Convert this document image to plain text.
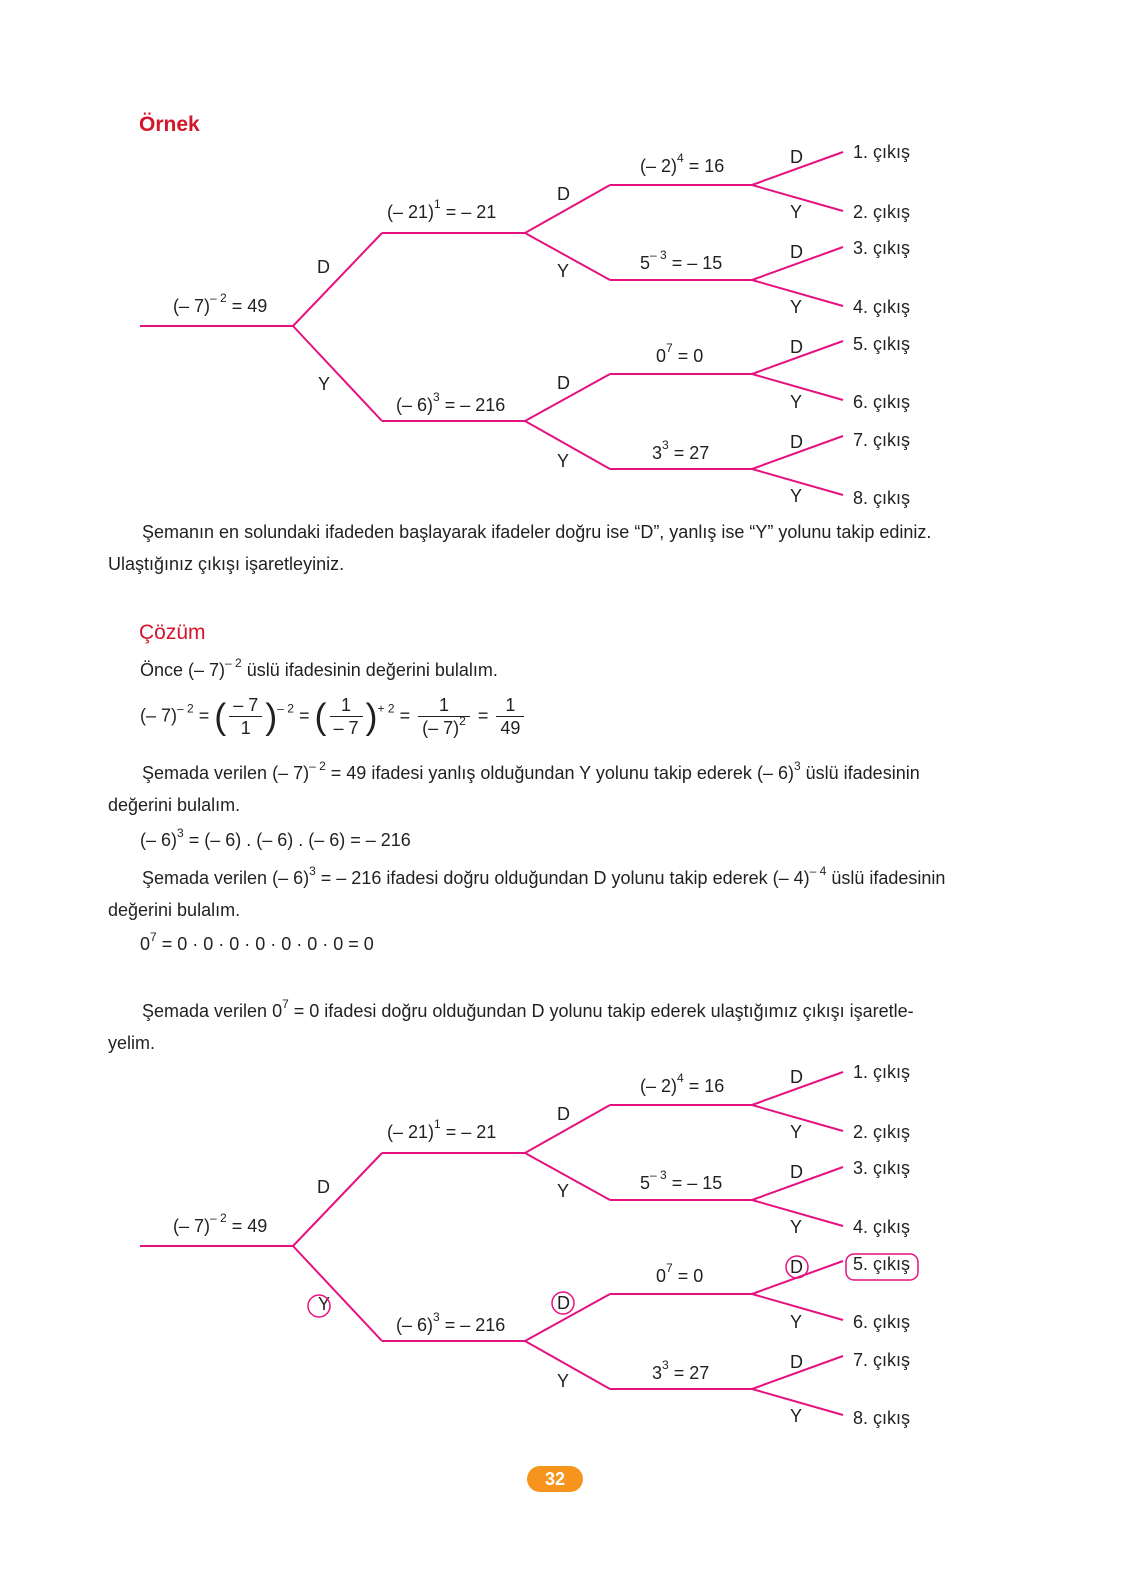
Örnek
(– 7)$^{- 2}$ = 49
(– 21)$^1$ = – 21
(– 6)$^3$ = – 216
(– 2)$^4$ = 16
$5^{- 3}$ = – 15
$0^7 = 0$
$3^3 = 27$
D
Y
D
Y
D
Y
D
D
D
D
Y
Y
Y
Y
1. çıkış
2. çıkış
3. çıkış
4. çıkış
5. çıkış
6. çıkış
7. çıkış
8. çıkış
Şemanın en solundaki ifadeden başlayarak ifadeler doğru ise “D”, yanlış ise “Y” yolunu takip ediniz.
Ulaştığınız çıkışı işaretleyiniz.
Çözüm
Önce (– 7)$^{- 2}$ üslü ifadesinin değerini bulalım.
(– 7)$^{- 2}$ = ( $\frac{- 7}{1} )^{- 2}$ = ( $\frac{1}{- 7} )^{+ 2} = \frac{1}{(- 7)^2} = \frac{1}{49}$
Şemada verilen (– 7)$^{- 2}$ = 49 ifadesi yanlış olduğundan Y yolunu takip ederek (– 6)$^3$ üslü ifadesinin
değerini bulalım.
(– 6)$^3$ = (– 6) . (– 6) . (– 6) = – 216
Şemada verilen (– 6)$^3$ = – 216 ifadesi doğru olduğundan D yolunu takip ederek (– 4)$^{- 4}$ üslü ifadesinin
değerini bulalım.
$0^7 = 0 \cdot 0 \cdot 0 \cdot 0 \cdot 0 \cdot 0 \cdot 0 = 0$
Şemada verilen $0^7 = 0$ ifadesi doğru olduğundan D yolunu takip ederek ulaştığımız çıkışı işaretle-
yelim.
(– 7)$^{- 2}$ = 49
(– 21)$^1$ = – 21
(– 6)$^3$ = – 216
(– 2)$^4$ = 16
$5^{- 3}$ = – 15
$0^7 = 0$
$3^3 = 27$
D
Y
D
Y
D
Y
D
D
D
D
Y
Y
Y
Y
1. çıkış
2. çıkış
3. çıkış
4. çıkış
5. çıkış
6. çıkış
7. çıkış
8. çıkış
32
